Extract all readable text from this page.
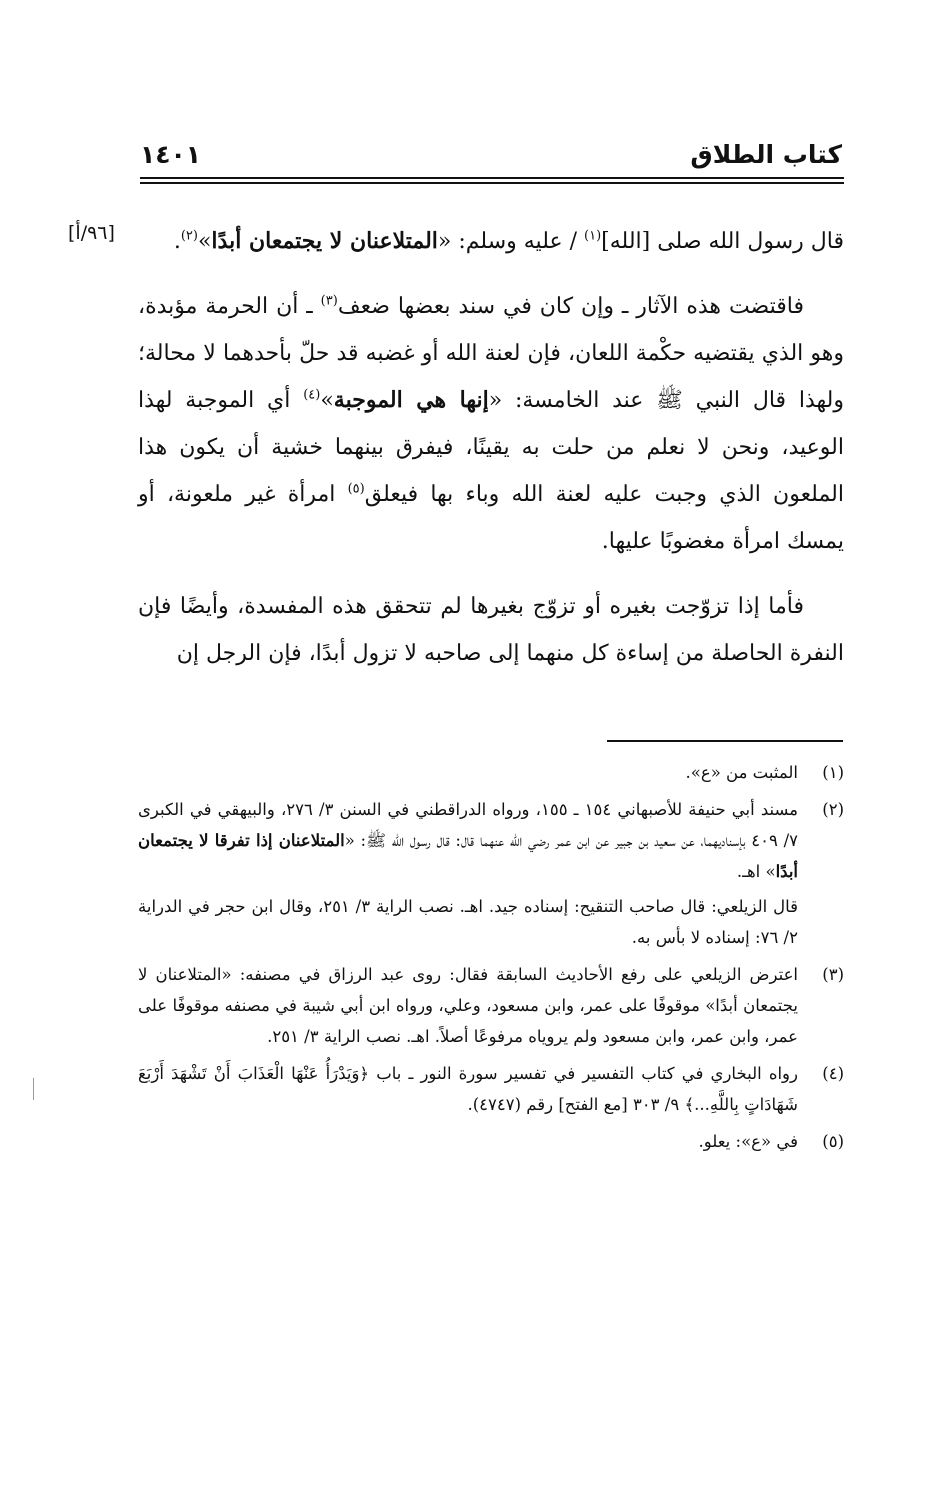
كتاب الطلاق
١٤٠١
[٩٦/أ]	قال رسول الله صلى [الله]$^{(١)}$ / عليه وسلم: «المتلاعنان لا يجتمعان أبدًا»$^{(٢)}$.

فاقتضت هذه الآثار ـ وإن كان في سند بعضها ضعف$^{(٣)}$ ـ أن الحرمة مؤبدة، وهو الذي يقتضيه حكْمة اللعان، فإن لعنة الله أو غضبه قد حلّ بأحدهما لا محالة؛ ولهذا قال النبي ﷺ عند الخامسة: «إنها هي الموجبة»$^{(٤)}$ أي الموجبة لهذا الوعيد، ونحن لا نعلم من حلت به يقينًا، فيفرق بينهما خشية أن يكون هذا الملعون الذي وجبت عليه لعنة الله وباء بها فيعلق$^{(٥)}$ امرأة غير ملعونة، أو يمسك امرأة مغضوبًا عليها.

فأما إذا تزوّجت بغيره أو تزوّج بغيرها لم تتحقق هذه المفسدة، وأيضًا فإن النفرة الحاصلة من إساءة كل منهما إلى صاحبه لا تزول أبدًا، فإن الرجل إن

(١)

المثبت من «ع».

(٢)

مسند أبي حنيفة للأصبهاني ١٥٤ ـ ١٥٥، ورواه الدراقطني في السنن ٣/ ٢٧٦، والبيهقي في الكبرى ٧/ ٤٠٩ بإسناديهما، عن سعيد بن جبير عن ابن عمر رضي الله عنهما قال: قال رسول الله ﷺ: «المتلاعنان إذا تفرقا لا يجتمعان أبدًا» اهـ.

قال الزيلعي: قال صاحب التنقيح: إسناده جيد. اهـ. نصب الراية ٣/ ٢٥١، وقال ابن حجر في الدراية ٢/ ٧٦: إسناده لا بأس به.

(٣)

اعترض الزيلعي على رفع الأحاديث السابقة فقال: روى عبد الرزاق في مصنفه: «المتلاعنان لا يجتمعان أبدًا» موقوفًا على عمر، وابن مسعود، وعلي، ورواه ابن أبي شيبة في مصنفه موقوفًا على عمر، وابن عمر، وابن مسعود ولم يروياه مرفوعًا أصلاً. اهـ. نصب الراية ٣/ ٢٥١.

(٤)

رواه البخاري في كتاب التفسير في تفسير سورة النور ـ باب ﴿وَيَدْرَأُ عَنْهَا الْعَذَابَ أَنْ تَشْهَدَ أَرْبَعَ شَهَادَاتٍ بِاللَّهِ...﴾ ٩/ ٣٠٣ [مع الفتح] رقم (٤٧٤٧).

(٥)

في «ع»: يعلو.
